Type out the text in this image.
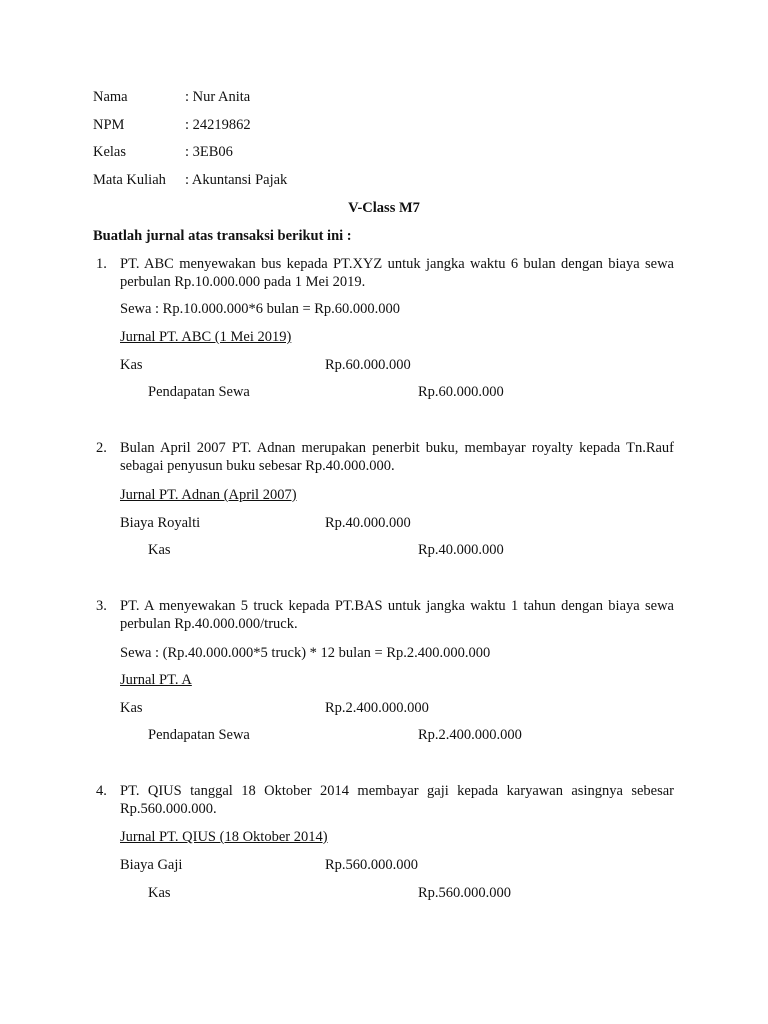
Nama	: Nur Anita
NPM	: 24219862
Kelas	: 3EB06
Mata Kuliah : Akuntansi Pajak
V-Class M7
Buatlah jurnal atas transaksi berikut ini :
1. PT. ABC menyewakan bus kepada PT.XYZ untuk jangka waktu 6 bulan dengan biaya sewa perbulan Rp.10.000.000 pada 1 Mei 2019.
Sewa : Rp.10.000.000*6 bulan = Rp.60.000.000
Jurnal PT. ABC (1 Mei 2019)
Kas	Rp.60.000.000
Pendapatan Sewa	Rp.60.000.000
2. Bulan April 2007 PT. Adnan merupakan penerbit buku, membayar royalty kepada Tn.Rauf sebagai penyusun buku sebesar Rp.40.000.000.
Jurnal PT. Adnan (April 2007)
Biaya Royalti	Rp.40.000.000
Kas	Rp.40.000.000
3. PT. A menyewakan 5 truck kepada PT.BAS untuk jangka waktu 1 tahun dengan biaya sewa perbulan Rp.40.000.000/truck.
Sewa : (Rp.40.000.000*5 truck) * 12 bulan = Rp.2.400.000.000
Jurnal PT. A
Kas	Rp.2.400.000.000
Pendapatan Sewa	Rp.2.400.000.000
4. PT. QIUS tanggal 18 Oktober 2014 membayar gaji kepada karyawan asingnya sebesar Rp.560.000.000.
Jurnal PT. QIUS (18 Oktober 2014)
Biaya Gaji	Rp.560.000.000
Kas	Rp.560.000.000
